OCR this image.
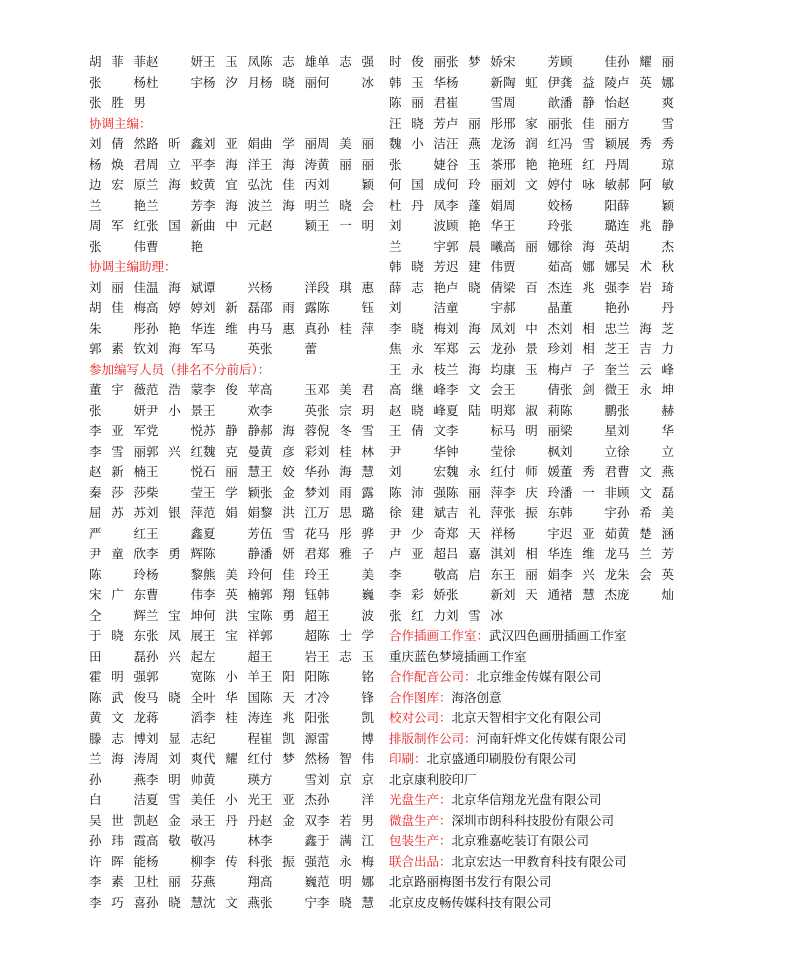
胡菲菲 赵　妍 王玉凤 陈志雄 单志强
张　杨 杜　宇 杨汐月 杨晓丽 何　冰
张胜男
协调主编：
刘倩然 路昕鑫 刘亚娟 曲学丽 周美丽
杨焕君 周立平 李海洋 王海涛 黄丽丽
边宏原 兰海蛟 黄宜弘 沈佳丙 刘　颖
兰　艳 兰　芳 李海波 兰海明 兰晓会
周军红 张国新 曲中元 赵　颖 王一明
张　伟 曹　艳
协调主编助理：
刘丽佳 温海斌 谭　兴 杨　洋 段琪惠
胡佳梅 高婷婷 刘新磊 邵雨露 陈　钰
朱　彤 孙艳华 连维冉 马惠真 孙桂萍
郭素钦 刘海军 马　英 张　蕾
参加编写人员（排名不分前后）：
董宇薇 范浩蒙 李俊苹 高　玉 邓美君
张　妍 尹小景 王　欢 李　英 张宗玥
李亚军 党　悦 苏静静 郝海蓉 倪冬雪
李雪丽 郭兴红 魏克曼 黄彦彩 刘桂林
赵新楠 王　悦 石丽慧 王姣华 孙海慧
秦莎莎 柴　莹 王学颖 张金梦 刘雨露
屈苏苏 刘银萍 范娟娟 黎洪江 万思璐
严　红 王　鑫 夏　芳 伍雪花 马彤骅
尹童欣 李勇辉 陈　静 潘妍君 郑雅子
陈　玲 杨　黎 熊美玲 何佳玲 王　美
宋广东 曹　伟 李英楠 郭翔钰 韩　巍
仝　辉 兰宝坤 何洪宝 陈勇超 王　波
于晓东 张凤展 王宝祥 郭　超 陈士学
田　磊 孙兴起 左　超 王　岩 王志玉
霍明强 郭　宽 陈小羊 王阳阳 陈　铭
陈武俊 马晓全 叶华国 陈天才 冷　锋
黄文龙 蒋　滔 李桂涛 连兆阳 张　凯
滕志博 刘显志 纪　程 崔凯源 雷　博
兰海涛 周刘爽 代耀红 付梦然 杨智伟
孙　燕 李明帅 黄　瑛 方　雪 刘京京
白　洁 夏雪美 任小光 王亚杰 孙　洋
吴世凯 赵金录 王丹丹 赵金双 李若男
孙玮霞 高敬敬 冯　林 李　鑫 于满江
许晖能 杨　柳 李传科 张振强 范永梅
李素卫 杜丽芬 燕　翔 高　巍 范明娜
李巧喜 孙晓慧 沈文燕 张　宁 李晓慧
时俊丽 张梦娇 宋　芳 顾　佳 孙耀丽
韩玉华 杨　新 陶虹伊 龚益陵 卢英娜
陈丽君 崔　雪 周　歆 潘静怡 赵　爽
汪晓芳 卢丽彤 邢家丽 张佳丽 方　雪
魏小洁 汪燕龙 汤润红 冯雪颖 展秀秀
张　婕 谷玉茶 邢艳艳 班红丹 周　琼
何国成 何玲丽 刘文婷 付咏敏 郝阿敏
杜丹凤 李蓬娟 周　姣 杨　阳 薛　颖
刘　波 顾艳华 王　玲 张　璐 连兆静
兰　宇 郭晨曦 高丽娜 徐海英 胡　杰
韩晓芳 迟建伟 贾　茹 高娜娜 吴术秋
薛志艳 卢晓倩 梁百杰 连兆强 李岩琦
刘　洁 童　宇 郝　晶 董　艳 孙　丹
李晓梅 刘海凤 刘中杰 刘相忠 兰海芝
焦永军 郑云龙 孙景珍 刘相芝 王吉力
王永枝 兰海均 康玉梅 卢子奎 兰云峰
高继峰 李文会 王　倩 张剑微 王永坤
赵晓峰 夏陆明 郑淑莉 陈　鹏 张　赫
王倩文 李　标 马明丽 梁　星 刘　华
尹　华 钟　莹 徐　枫 刘　立 徐　立
刘　宏 魏永红 付师媛 董秀君 曹文燕
陈沛强 陈丽萍 李庆玲 潘一非 顾文磊
徐建斌 吉礼萍 张振东 韩　宇 孙希美
尹少奇 郑天祥 杨　宇 迟亚茹 黄楚涵
卢亚超 吕嘉淇 刘相华 连维龙 马兰芳
李　敬 高启东 王丽娟 李兴龙 朱会英
李彩娇 张　新 刘天通 褚慧杰 庞　灿
张红力 刘雪冰
合作插画工作室：武汉四色画册插画工作室
重庆蓝色梦境插画工作室
合作配音公司：北京维金传媒有限公司
合作图库：海洛创意
校对公司：北京天智相宇文化有限公司
排版制作公司：河南轩烨文化传媒有限公司
印刷：北京盛通印刷股份有限公司
北京康利胶印厂
光盘生产：北京华信翔龙光盘有限公司
微盘生产：深圳市朗科科技股份有限公司
包装生产：北京雅嘉屹装订有限公司
联合出品：北京宏达一甲教育科技有限公司
北京路丽梅图书发行有限公司
北京皮皮畅传媒科技有限公司
